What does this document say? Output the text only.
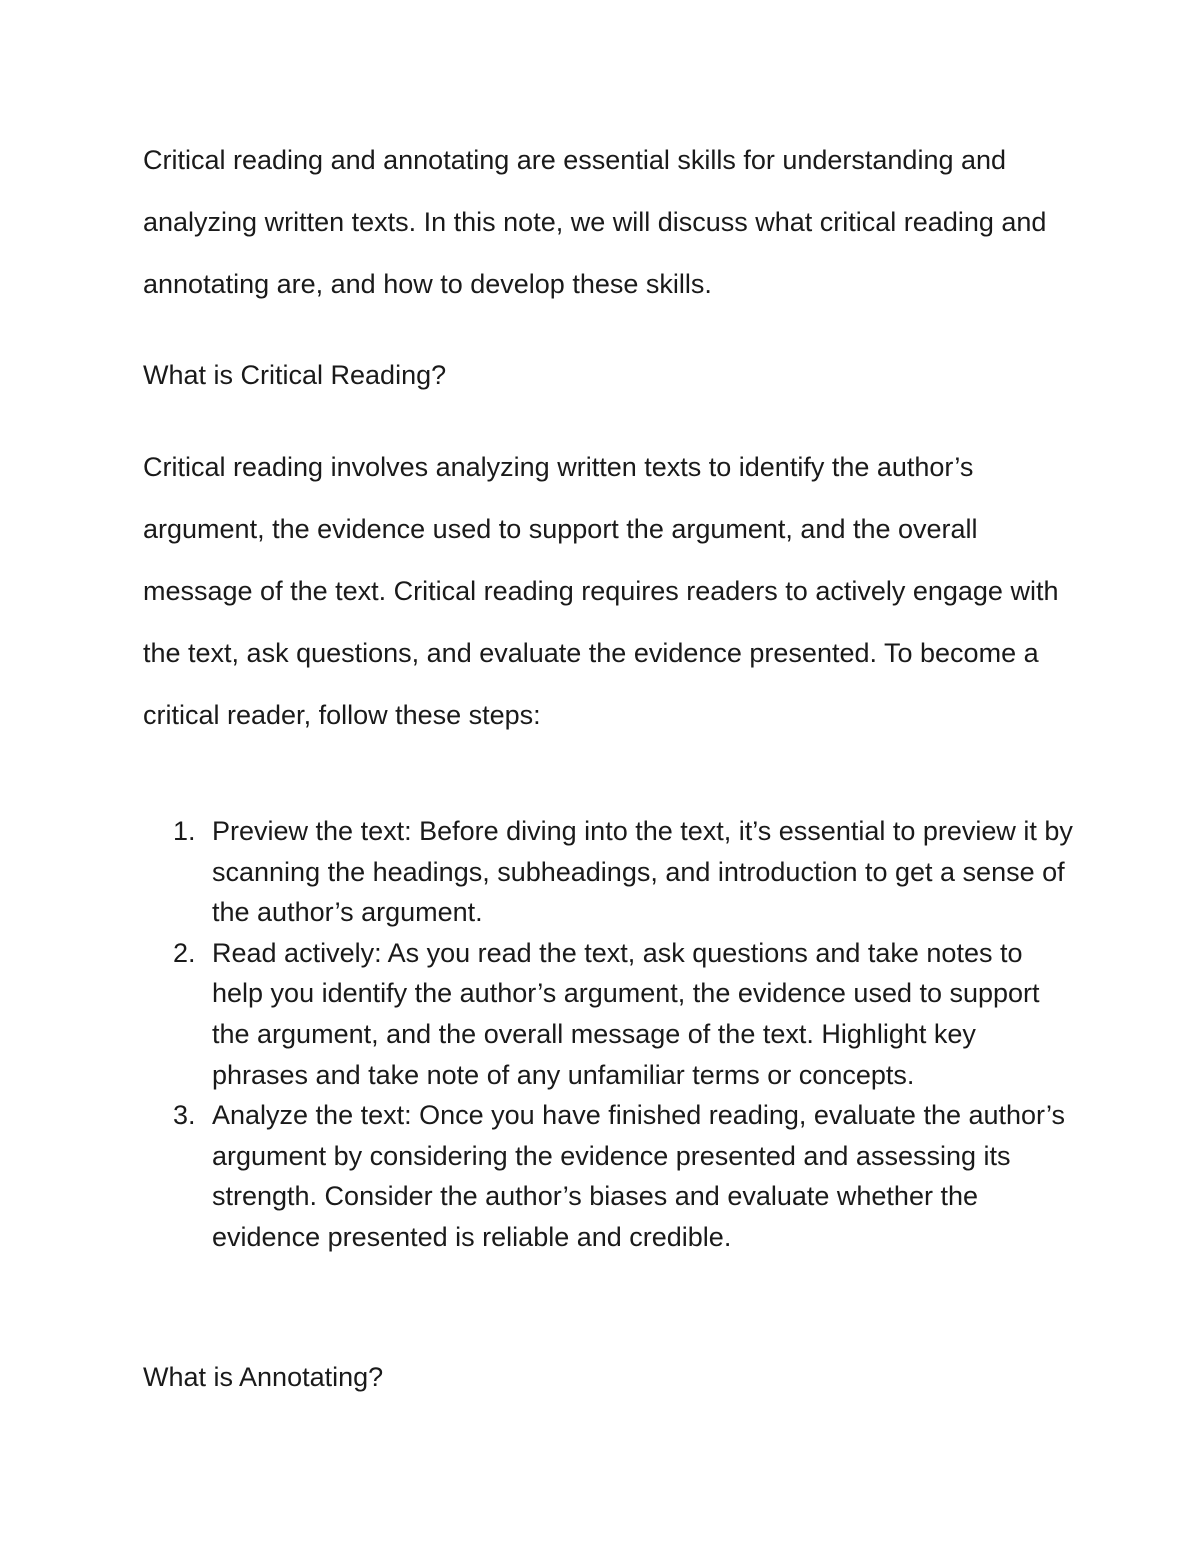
Critical reading and annotating are essential skills for understanding and analyzing written texts. In this note, we will discuss what critical reading and annotating are, and how to develop these skills.

What is Critical Reading?

Critical reading involves analyzing written texts to identify the author’s argument, the evidence used to support the argument, and the overall message of the text. Critical reading requires readers to actively engage with the text, ask questions, and evaluate the evidence presented. To become a critical reader, follow these steps:

1. Preview the text: Before diving into the text, it’s essential to preview it by scanning the headings, subheadings, and introduction to get a sense of the author’s argument.
2. Read actively: As you read the text, ask questions and take notes to help you identify the author’s argument, the evidence used to support the argument, and the overall message of the text. Highlight key phrases and take note of any unfamiliar terms or concepts.
3. Analyze the text: Once you have finished reading, evaluate the author’s argument by considering the evidence presented and assessing its strength. Consider the author’s biases and evaluate whether the evidence presented is reliable and credible.

What is Annotating?
